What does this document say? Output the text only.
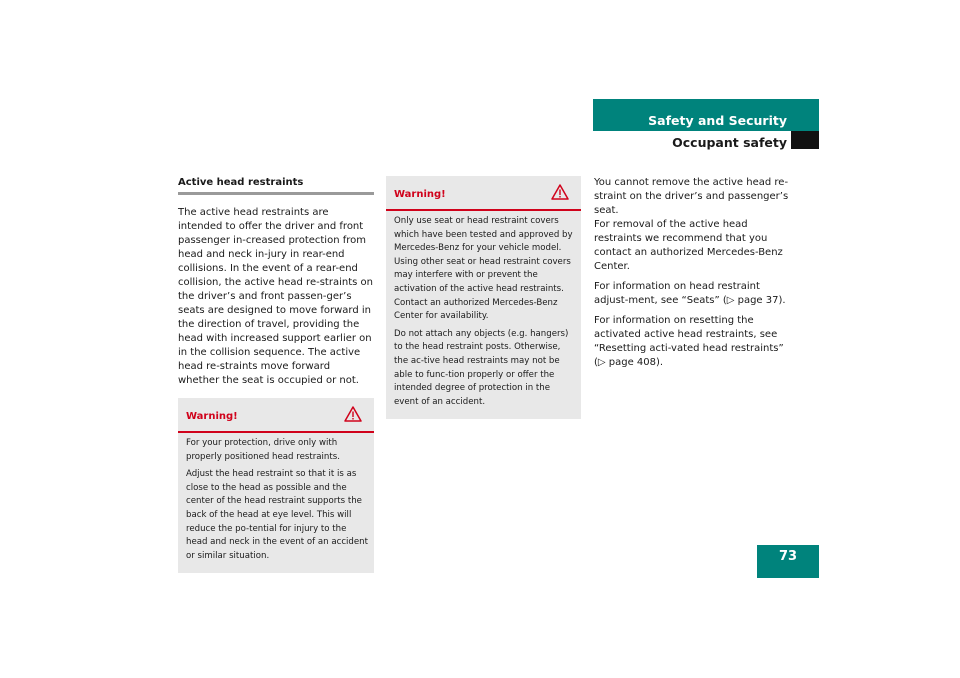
Safety and Security
Occupant safety
Active head restraints

The active head restraints are intended to offer the driver and front passenger in-creased protection from head and neck in-jury in rear-end collisions. In the event of a rear-end collision, the active head re-straints on the driver’s and front passen-ger’s seats are designed to move forward in the direction of travel, providing the head with increased support earlier on in the collision sequence. The active head re-straints move forward whether the seat is occupied or not.

Warning!

For your protection, drive only with properly positioned head restraints.

Adjust the head restraint so that it is as close to the head as possible and the center of the head restraint supports the back of the head at eye level. This will reduce the po-tential for injury to the head and neck in the event of an accident or similar situation.

Warning!

Only use seat or head restraint covers which have been tested and approved by Mercedes-Benz for your vehicle model. Using other seat or head restraint covers may interfere with or prevent the activation of the active head restraints. Contact an authorized Mercedes-Benz Center for availability.

Do not attach any objects (e.g. hangers) to the head restraint posts. Otherwise, the ac-tive head restraints may not be able to func-tion properly or offer the intended degree of protection in the event of an accident.

You cannot remove the active head re-straint on the driver’s and passenger’s seat.

For removal of the active head restraints we recommend that you contact an authorized Mercedes-Benz Center.

For information on head restraint adjust-ment, see “Seats” (▷ page 37).

For information on resetting the activated active head restraints, see “Resetting acti-vated head restraints” (▷ page 408).

73
